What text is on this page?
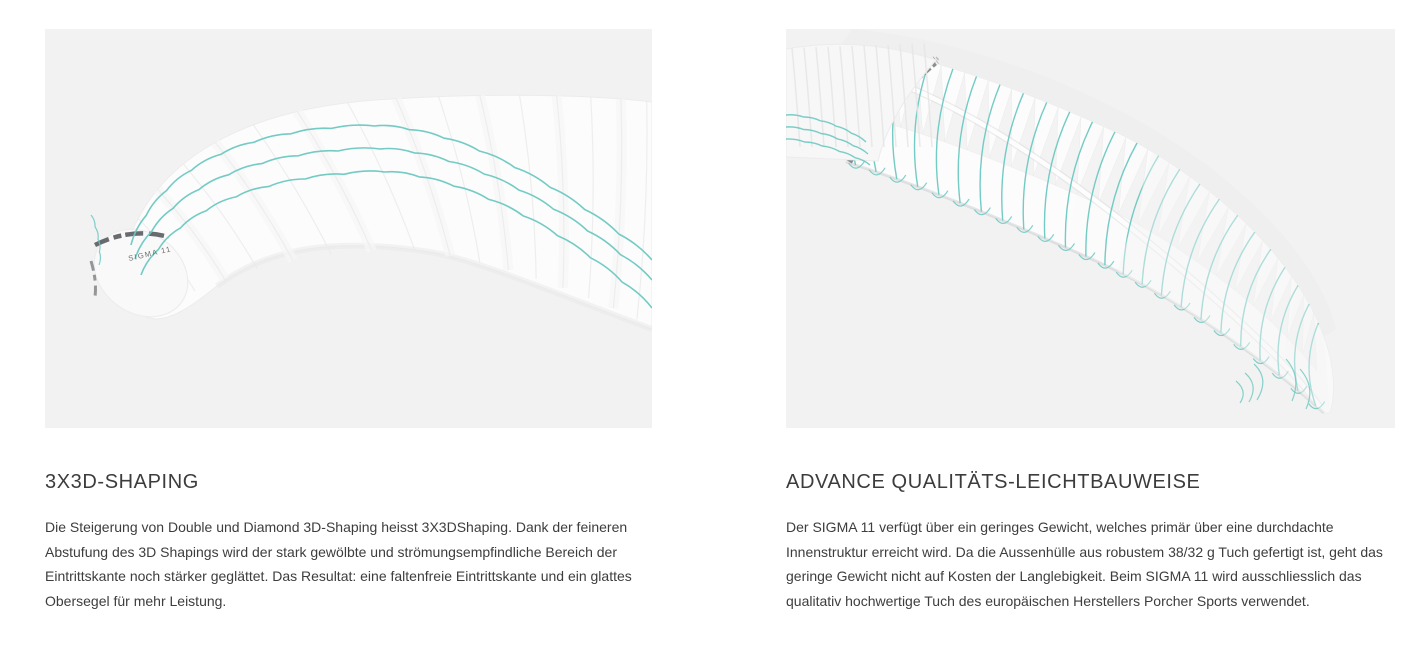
SIGMA 11
3X3D-SHAPING

Die Steigerung von Double und Diamond 3D-Shaping heisst 3X3DShaping. Dank der feineren Abstufung des 3D Shapings wird der stark gewölbte und strömungsempfindliche Bereich der Eintrittskante noch stärker geglättet. Das Resultat: eine faltenfreie Eintrittskante und ein glattes Obersegel für mehr Leistung.

ADVANCE QUALITÄTS-LEICHTBAUWEISE

Der SIGMA 11 verfügt über ein geringes Gewicht, welches primär über eine durchdachte Innenstruktur erreicht wird. Da die Aussenhülle aus robustem 38/32 g Tuch gefertigt ist, geht das geringe Gewicht nicht auf Kosten der Langlebigkeit. Beim SIGMA 11 wird ausschliesslich das qualitativ hochwertige Tuch des europäischen Herstellers Porcher Sports verwendet.
